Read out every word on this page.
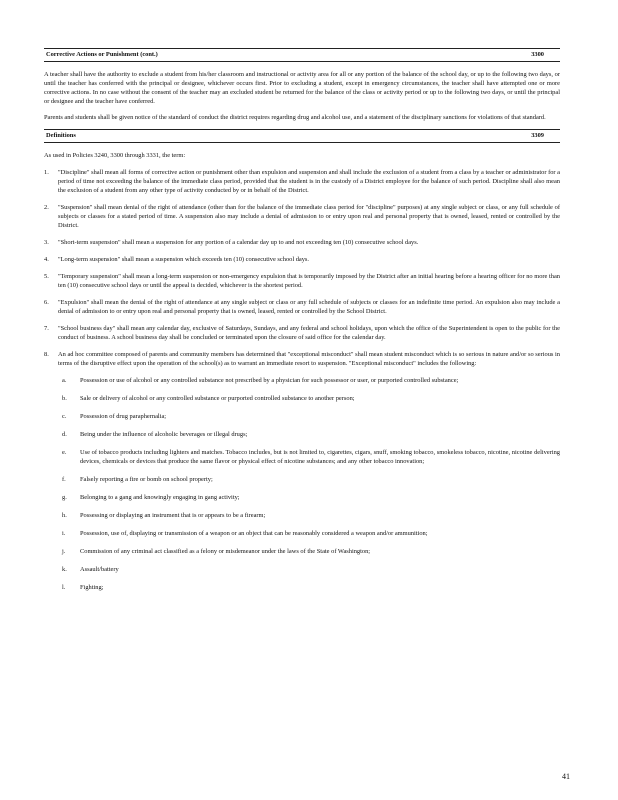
Corrective Actions or Punishment (cont.)	3300

A teacher shall have the authority to exclude a student from his/her classroom and instructional or activity area for all or any portion of the balance of the school day, or up to the following two days, or until the teacher has conferred with the principal or designee, whichever occurs first. Prior to excluding a student, except in emergency circumstances, the teacher shall have attempted one or more corrective actions. In no case without the consent of the teacher may an excluded student be returned for the balance of the class or activity period or up to the following two days, or until the principal or designee and the teacher have conferred.

Parents and students shall be given notice of the standard of conduct the district requires regarding drug and alcohol use, and a statement of the disciplinary sanctions for violations of that standard.

Definitions	3309

As used in Policies 3240, 3300 through 3331, the term:

1.	"Discipline" shall mean all forms of corrective action or punishment other than expulsion and suspension and shall include the exclusion of a student from a class by a teacher or administrator for a period of time not exceeding the balance of the immediate class period, provided that the student is in the custody of a District employee for the balance of such period. Discipline shall also mean the exclusion of a student from any other type of activity conducted by or in behalf of the District.
2.	"Suspension" shall mean denial of the right of attendance (other than for the balance of the immediate class period for "discipline" purposes) at any single subject or class, or any full schedule of subjects or classes for a stated period of time. A suspension also may include a denial of admission to or entry upon real and personal property that is owned, leased, rented or controlled by the District.
3.	"Short-term suspension" shall mean a suspension for any portion of a calendar day up to and not exceeding ten (10) consecutive school days.
4.	"Long-term suspension" shall mean a suspension which exceeds ten (10) consecutive school days.
5.	"Temporary suspension" shall mean a long-term suspension or non-emergency expulsion that is temporarily imposed by the District after an initial hearing before a hearing officer for no more than ten (10) consecutive school days or until the appeal is decided, whichever is the shortest period.
6.	"Expulsion" shall mean the denial of the right of attendance at any single subject or class or any full schedule of subjects or classes for an indefinite time period. An expulsion also may include a denial of admission to or entry upon real and personal property that is owned, leased, rented or controlled by the School District.
7.	"School business day" shall mean any calendar day, exclusive of Saturdays, Sundays, and any federal and school holidays, upon which the office of the Superintendent is open to the public for the conduct of business. A school business day shall be concluded or terminated upon the closure of said office for the calendar day.
8.	An ad hoc committee composed of parents and community members has determined that "exceptional misconduct" shall mean student misconduct which is so serious in nature and/or so serious in terms of the disruptive effect upon the operation of the school(s) as to warrant an immediate resort to suspension. "Exceptional misconduct" includes the following:
a.	Possession or use of alcohol or any controlled substance not prescribed by a physician for such possessor or user, or purported controlled substance;
b.	Sale or delivery of alcohol or any controlled substance or purported controlled substance to another person;
c.	Possession of drug paraphernalia;
d.	Being under the influence of alcoholic beverages or illegal drugs;
e.	Use of tobacco products including lighters and matches. Tobacco includes, but is not limited to, cigarettes, cigars, snuff, smoking tobacco, smokeless tobacco, nicotine, nicotine delivering devices, chemicals or devices that produce the same flavor or physical effect of nicotine substances; and any other tobacco innovation;
f.	Falsely reporting a fire or bomb on school property;
g.	Belonging to a gang and knowingly engaging in gang activity;
h.	Possessing or displaying an instrument that is or appears to be a firearm;
i.	Possession, use of, displaying or transmission of a weapon or an object that can be reasonably considered a weapon and/or ammunition;
j.	Commission of any criminal act classified as a felony or misdemeanor under the laws of the State of Washington;
k.	Assault/battery
l.	Fighting;
41
